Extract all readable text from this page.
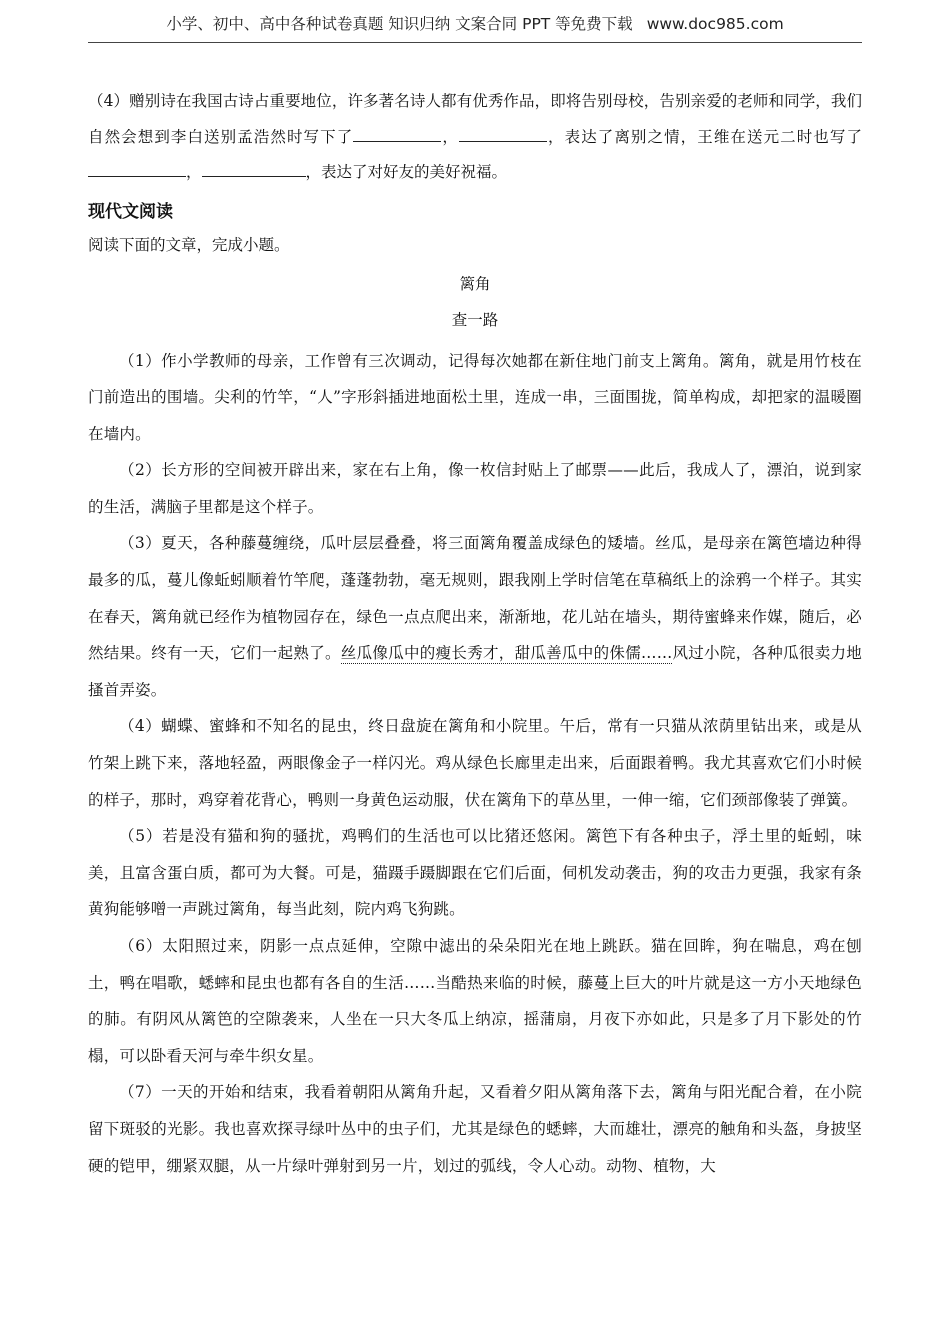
小学、初中、高中各种试卷真题 知识归纳 文案合同 PPT 等免费下载 www.doc985.com

（4）赠别诗在我国古诗占重要地位，许多著名诗人都有优秀作品，即将告别母校，告别亲爱的老师和同学，我们自然会想到李白送别孟浩然时写下了	，	，表达了离别之情，王维在送元二时也写了，	，表达了对好友的美好祝福。

现代文阅读

阅读下面的文章，完成小题。

篱角

查一路

（1）作小学教师的母亲，工作曾有三次调动，记得每次她都在新住地门前支上篱角。篱角，就是用竹枝在门前造出的围墙。尖利的竹竿，“人”字形斜插进地面松土里，连成一串，三面围拢，简单构成，却把家的温暖圈在墙内。

（2）长方形的空间被开辟出来，家在右上角，像一枚信封贴上了邮票——此后，我成人了，漂泊，说到家的生活，满脑子里都是这个样子。

（3）夏天，各种藤蔓缠绕，瓜叶层层叠叠，将三面篱角覆盖成绿色的矮墙。丝瓜，是母亲在篱笆墙边种得最多的瓜，蔓儿像蚯蚓顺着竹竿爬，蓬蓬勃勃，毫无规则，跟我刚上学时信笔在草稿纸上的涂鸦一个样子。其实在春天，篱角就已经作为植物园存在，绿色一点点爬出来，渐渐地，花儿站在墙头，期待蜜蜂来作媒，随后，必然结果。终有一天，它们一起熟了。丝瓜像瓜中的瘦长秀才，甜瓜善瓜中的侏儒……风过小院，各种瓜很卖力地搔首弄姿。

（4）蝴蝶、蜜蜂和不知名的昆虫，终日盘旋在篱角和小院里。午后，常有一只猫从浓荫里钻出来，或是从竹架上跳下来，落地轻盈，两眼像金子一样闪光。鸡从绿色长廊里走出来，后面跟着鸭。我尤其喜欢它们小时候的样子，那时，鸡穿着花背心，鸭则一身黄色运动服，伏在篱角下的草丛里，一伸一缩，它们颈部像装了弹簧。

（5）若是没有猫和狗的骚扰，鸡鸭们的生活也可以比猪还悠闲。篱笆下有各种虫子，浮土里的蚯蚓，味美，且富含蛋白质，都可为大餐。可是，猫蹑手蹑脚跟在它们后面，伺机发动袭击，狗的攻击力更强，我家有条黄狗能够噌一声跳过篱角，每当此刻，院内鸡飞狗跳。

（6）太阳照过来，阴影一点点延伸，空隙中滤出的朵朵阳光在地上跳跃。猫在回眸，狗在喘息，鸡在刨土，鸭在唱歌，蟋蟀和昆虫也都有各自的生活……当酷热来临的时候，藤蔓上巨大的叶片就是这一方小天地绿色的肺。有阴风从篱笆的空隙袭来，人坐在一只大冬瓜上纳凉，摇蒲扇，月夜下亦如此，只是多了月下影处的竹榻，可以卧看天河与牵牛织女星。

（7）一天的开始和结束，我看着朝阳从篱角升起，又看着夕阳从篱角落下去，篱角与阳光配合着，在小院留下斑驳的光影。我也喜欢探寻绿叶丛中的虫子们，尤其是绿色的蟋蟀，大而雄壮，漂亮的触角和头盔，身披坚硬的铠甲，绷紧双腿，从一片绿叶弹射到另一片，划过的弧线，令人心动。动物、植物，大
